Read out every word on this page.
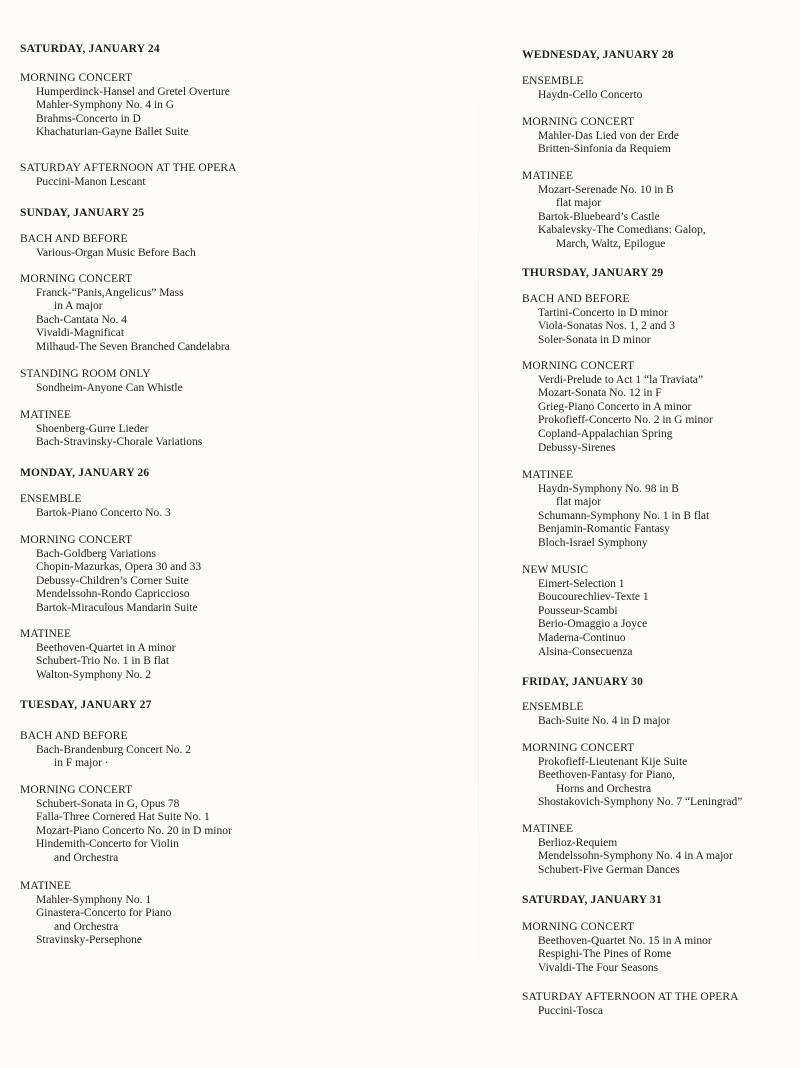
SATURDAY, JANUARY 24
MORNING CONCERT
Humperdinck-Hansel and Gretel Overture
Mahler-Symphony No. 4 in G
Brahms-Concerto in D
Khachaturian-Gayne Ballet Suite
SATURDAY AFTERNOON AT THE OPERA
Puccini-Manon Lescant
SUNDAY, JANUARY 25
BACH AND BEFORE
Various-Organ Music Before Bach
MORNING CONCERT
Franck-“Panis,Angelicus” Mass
in A major
Bach-Cantata No. 4
Vivaldi-Magnificat
Milhaud-The Seven Branched Candelabra
STANDING ROOM ONLY
Sondheim-Anyone Can Whistle
MATINEE
Shoenberg-Gurre Lieder
Bach-Stravinsky-Chorale Variations
MONDAY, JANUARY 26
ENSEMBLE
Bartok-Piano Concerto No. 3
MORNING CONCERT
Bach-Goldberg Variations
Chopin-Mazurkas, Opera 30 and 33
Debussy-Children’s Corner Suite
Mendelssohn-Rondo Capriccioso
Bartok-Miraculous Mandarin Suite
MATINEE
Beethoven-Quartet in A minor
Schubert-Trio No. 1 in B flat
Walton-Symphony No. 2
TUESDAY, JANUARY 27
BACH AND BEFORE
Bach-Brandenburg Concert No. 2
in F major ·
MORNING CONCERT
Schubert-Sonata in G, Opus 78
Falla-Three Cornered Hat Suite No. 1
Mozart-Piano Concerto No. 20 in D minor
Hindemith-Concerto for Violin
and Orchestra
MATINEE
Mahler-Symphony No. 1
Ginastera-Concerto for Piano
and Orchestra
Stravinsky-Persephone
WEDNESDAY, JANUARY 28
ENSEMBLE
Haydn-Cello Concerto
MORNING CONCERT
Mahler-Das Lied von der Erde
Britten-Sinfonia da Requiem
MATINEE
Mozart-Serenade No. 10 in B
flat major
Bartok-Bluebeard’s Castle
Kabalevsky-The Comedians: Galop,
March, Waltz, Epilogue
THURSDAY, JANUARY 29
BACH AND BEFORE
Tartini-Concerto in D minor
Viola-Sonatas Nos. 1, 2 and 3
Soler-Sonata in D minor
MORNING CONCERT
Verdi-Prelude to Act 1 “la Traviata”
Mozart-Sonata No. 12 in F
Grieg-Piano Concerto in A minor
Prokofieff-Concerto No. 2 in G minor
Copland-Appalachian Spring
Debussy-Sirenes
MATINEE
Haydn-Symphony No. 98 in B
flat major
Schumann-Symphony No. 1 in B flat
Benjamin-Romantic Fantasy
Bloch-Israel Symphony
NEW MUSIC
Eimert-Selection 1
Boucourechliev-Texte 1
Pousseur-Scambi
Berio-Omaggio a Joyce
Maderna-Continuo
Alsina-Consecuenza
FRIDAY, JANUARY 30
ENSEMBLE
Bach-Suite No. 4 in D major
MORNING CONCERT
Prokofieff-Lieutenant Kije Suite
Beethoven-Fantasy for Piano,
Horns and Orchestra
Shostakovich-Symphony No. 7 “Leningrad”
MATINEE
Berlioz-Requiem
Mendelssohn-Symphony No. 4 in A major
Schubert-Five German Dances
SATURDAY, JANUARY 31
MORNING CONCERT
Beethoven-Quartet No. 15 in A minor
Respighi-The Pines of Rome
Vivaldi-The Four Seasons
SATURDAY AFTERNOON AT THE OPERA
Puccini-Tosca
